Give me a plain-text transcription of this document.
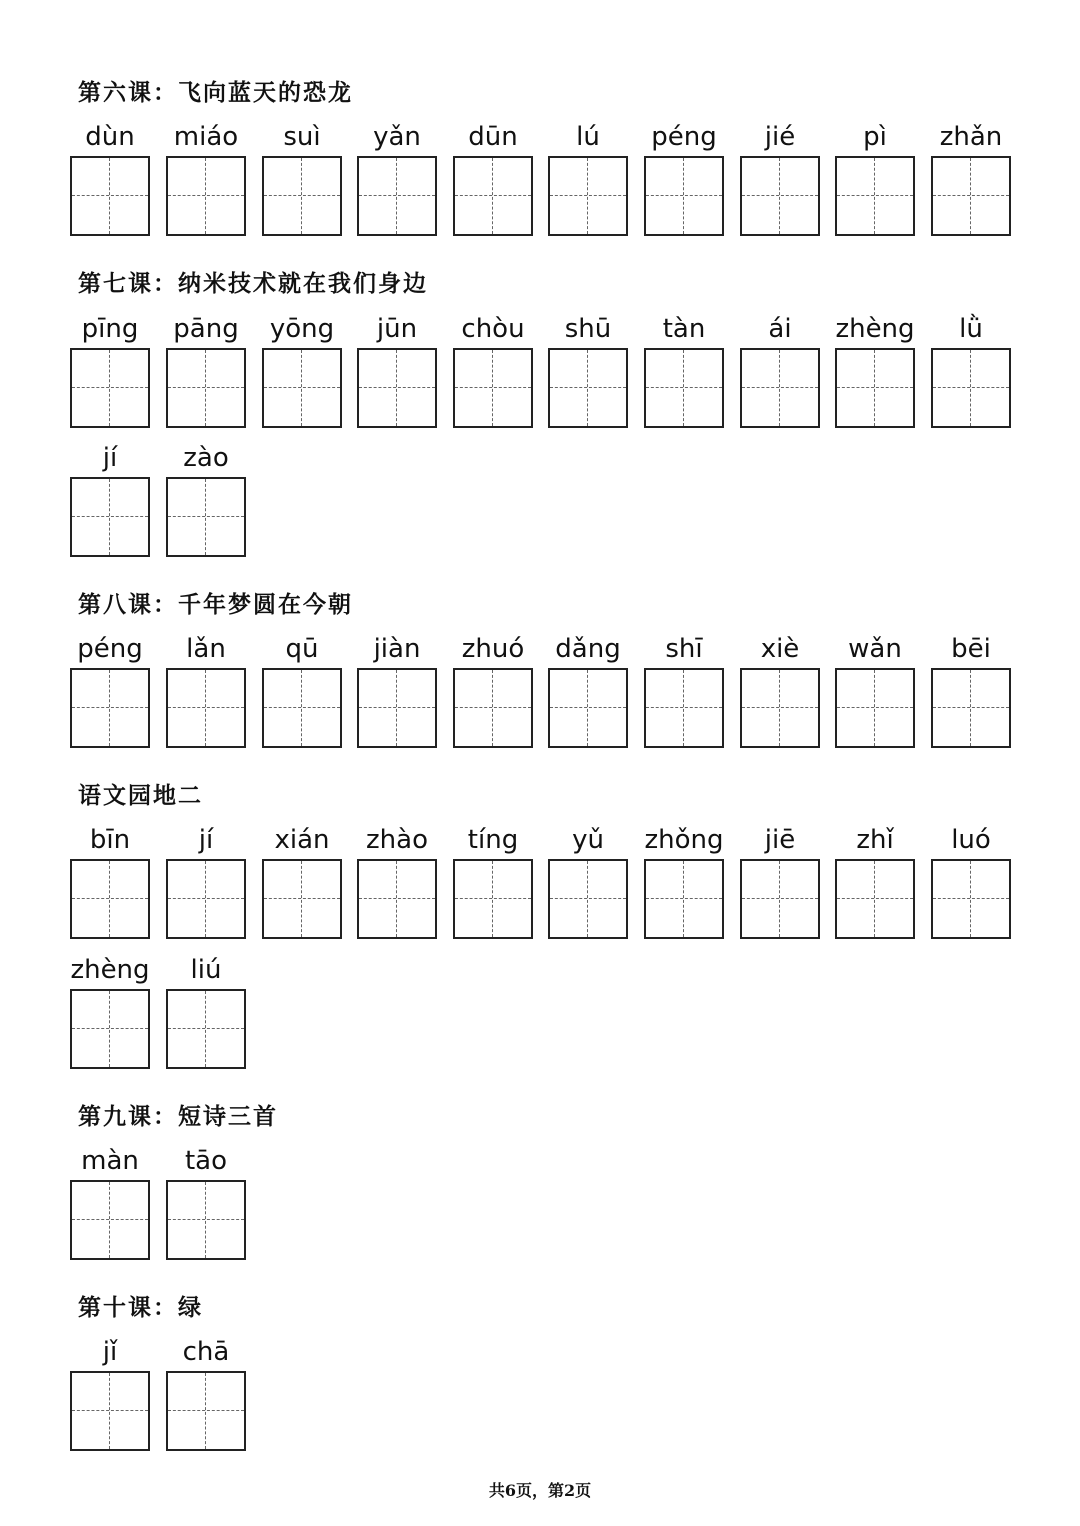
第六课：飞向蓝天的恐龙
dùn	miáo	suì	yǎn	dūn	lú	péng	jié	pì	zhǎn
第七课：纳米技术就在我们身边
pīng	pāng	yōng	jūn	chòu	shū	tàn	ái	zhèng	lǜ
jí	zào
第八课：千年梦圆在今朝
péng	lǎn	qū	jiàn	zhuó	dǎng	shī	xiè	wǎn	bēi
语文园地二
bīn	jí	xián	zhào	tíng	yǔ	zhǒng	jiē	zhǐ	luó
zhèng	liú
第九课：短诗三首
màn	tāo
第十课：绿
jǐ	chā
共6页，第2页
